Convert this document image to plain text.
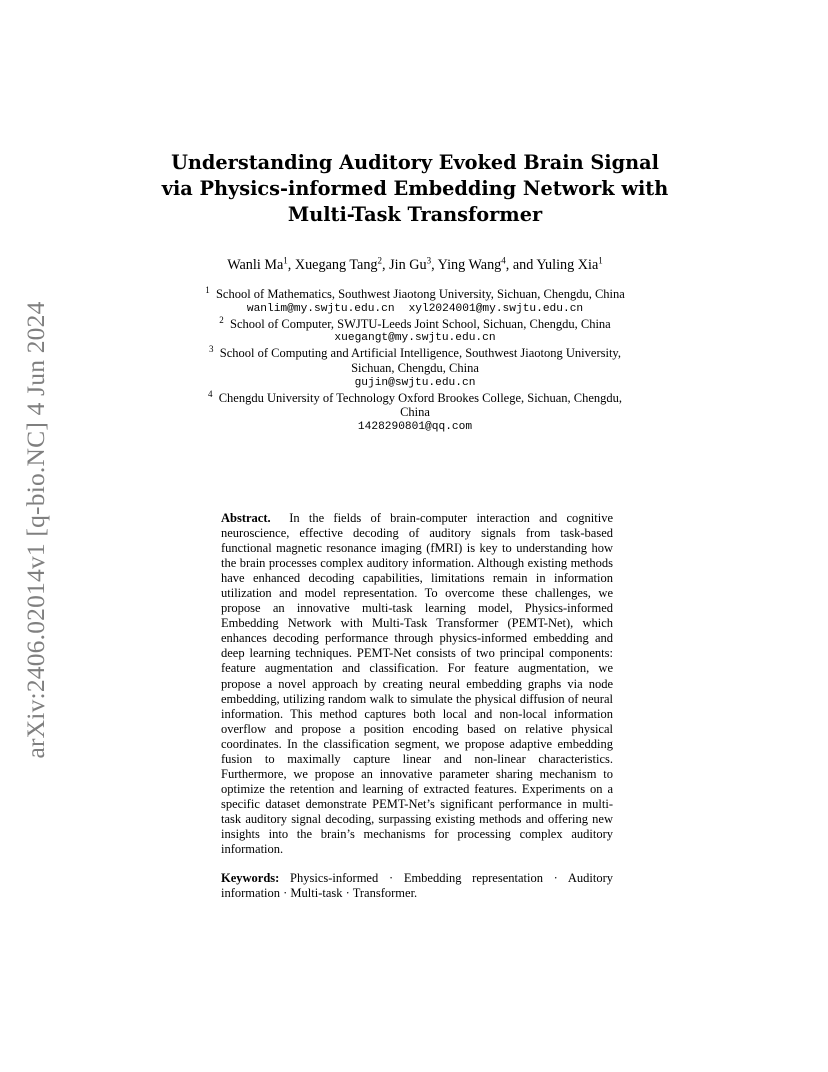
arXiv:2406.02014v1 [q-bio.NC] 4 Jun 2024
Understanding Auditory Evoked Brain Signal
via Physics-informed Embedding Network with
Multi-Task Transformer
Wanli Ma$^1$, Xuegang Tang$^2$, Jin Gu$^3$, Ying Wang$^4$, and Yuling Xia$^1$
$^1$ School of Mathematics, Southwest Jiaotong University, Sichuan, Chengdu, China
wanlim@my.swjtu.edu.cn xyl2024001@my.swjtu.edu.cn
$^2$ School of Computer, SWJTU-Leeds Joint School, Sichuan, Chengdu, China
xuegangt@my.swjtu.edu.cn
$^3$ School of Computing and Artificial Intelligence, Southwest Jiaotong University,
Sichuan, Chengdu, China
gujin@swjtu.edu.cn
$^4$ Chengdu University of Technology Oxford Brookes College, Sichuan, Chengdu,
China
1428290801@qq.com

Abstract. In the fields of brain-computer interaction and cognitive neuroscience, effective decoding of auditory signals from task-based functional magnetic resonance imaging (fMRI) is key to understanding how the brain processes complex auditory information. Although existing methods have enhanced decoding capabilities, limitations remain in information utilization and model representation. To overcome these challenges, we propose an innovative multi-task learning model, Physics-informed Embedding Network with Multi-Task Transformer (PEMT-Net), which enhances decoding performance through physics-informed embedding and deep learning techniques. PEMT-Net consists of two principal components: feature augmentation and classification. For feature augmentation, we propose a novel approach by creating neural embedding graphs via node embedding, utilizing random walk to simulate the physical diffusion of neural information. This method captures both local and non-local information overflow and propose a position encoding based on relative physical coordinates. In the classification segment, we propose adaptive embedding fusion to maximally capture linear and non-linear characteristics. Furthermore, we propose an innovative parameter sharing mechanism to optimize the retention and learning of extracted features. Experiments on a specific dataset demonstrate PEMT-Net’s significant performance in multi-task auditory signal decoding, surpassing existing methods and offering new insights into the brain’s mechanisms for processing complex auditory information.

Keywords: Physics-informed · Embedding representation · Auditory information · Multi-task · Transformer.
